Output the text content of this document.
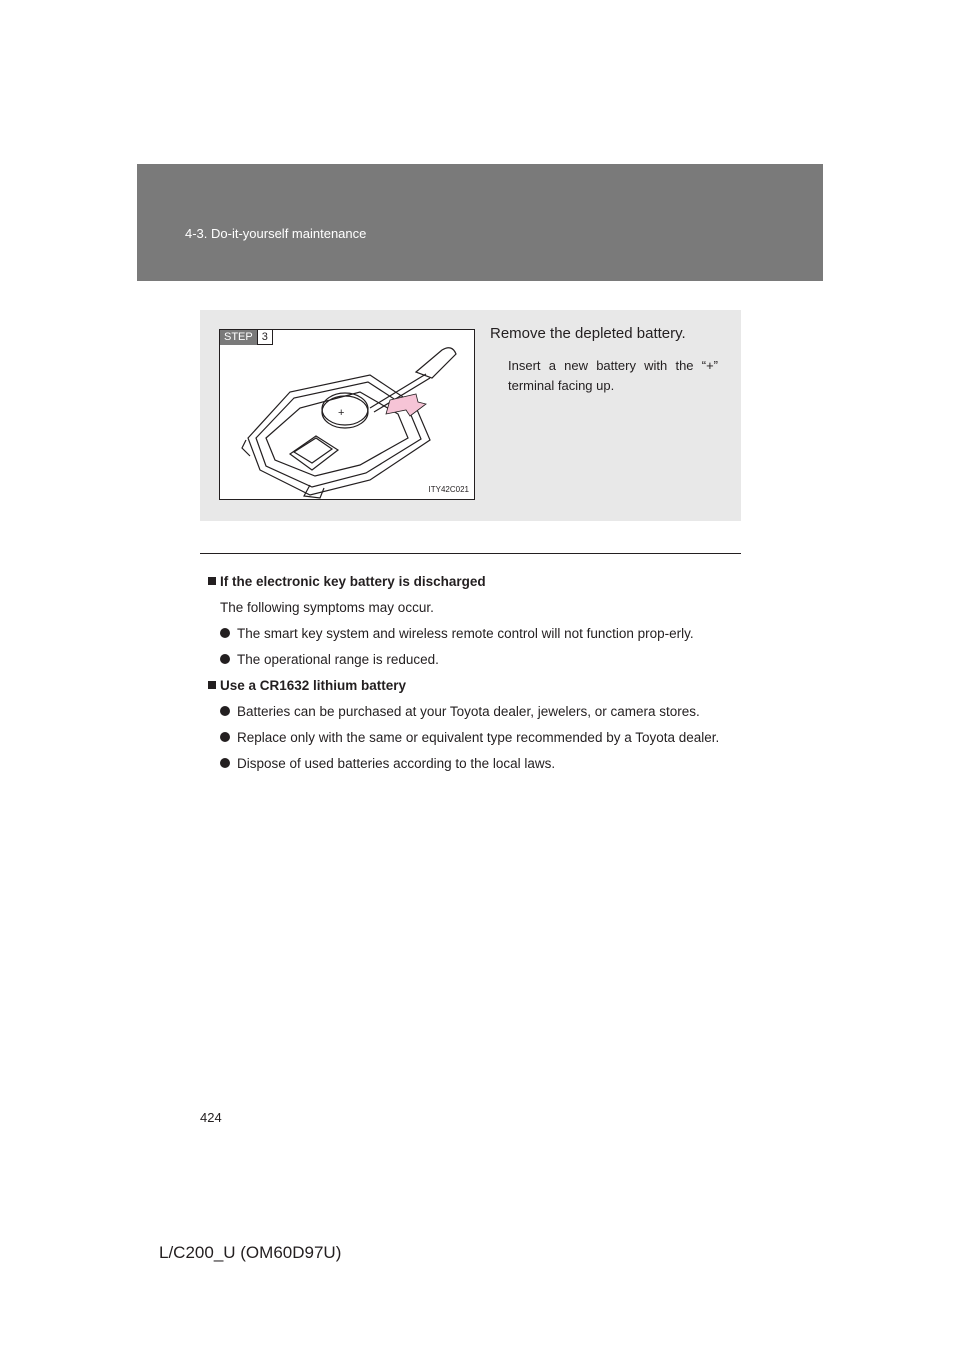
4-3. Do-it-yourself maintenance
+
STEP 3
ITY42C021
Remove the depleted battery.
Insert a new battery with the “+” terminal facing up.
If the electronic key battery is discharged
The following symptoms may occur.
The smart key system and wireless remote control will not function prop-erly.
The operational range is reduced.
Use a CR1632 lithium battery
Batteries can be purchased at your Toyota dealer, jewelers, or camera stores.
Replace only with the same or equivalent type recommended by a Toyota dealer.
Dispose of used batteries according to the local laws.
424
L/C200_U (OM60D97U)
